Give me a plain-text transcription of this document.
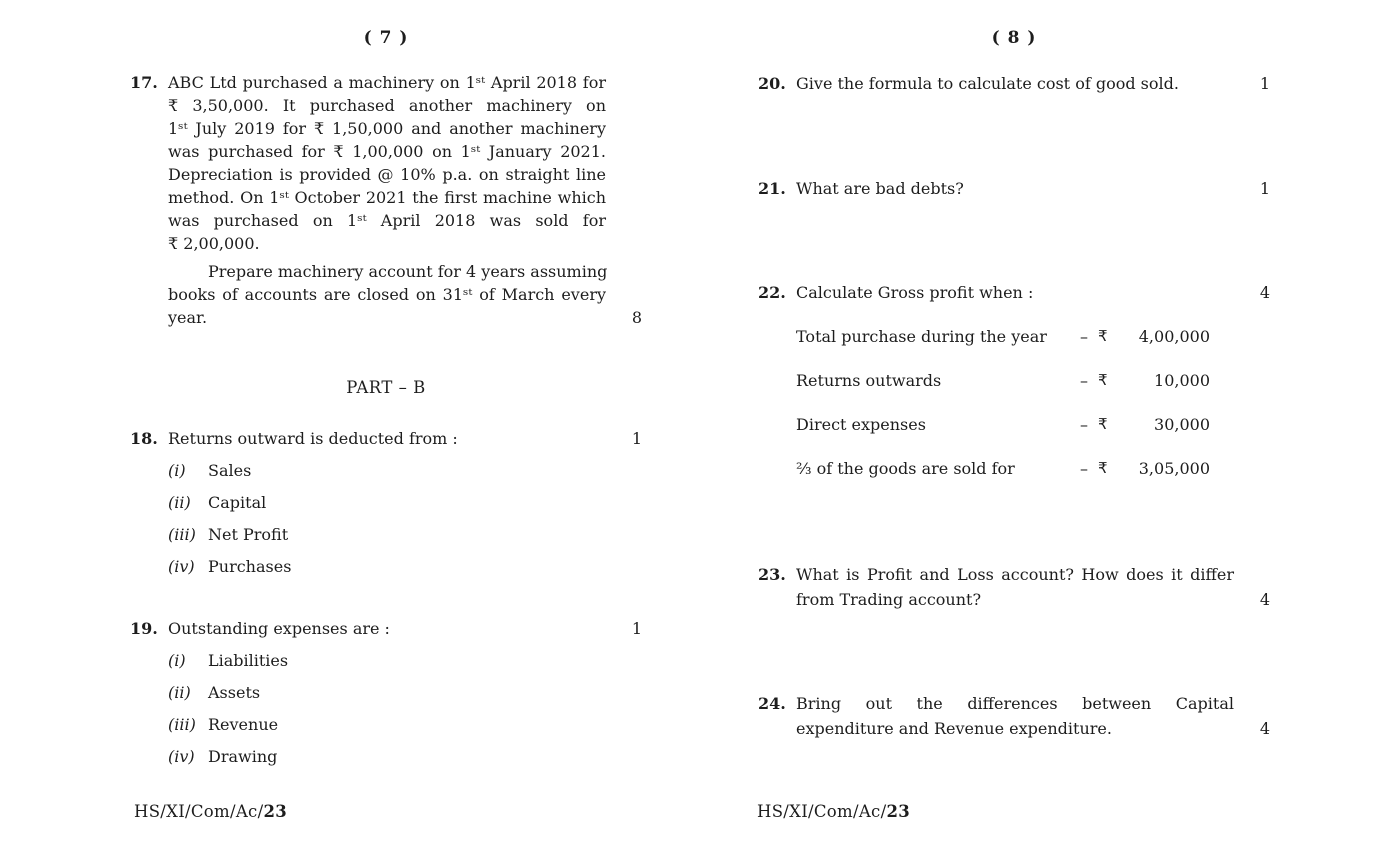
( 7 )
17. ABC Ltd purchased a machinery on 1ˢᵗ April 2018 for
₹ 3,50,000. It purchased another machinery on
1ˢᵗ July 2019 for ₹ 1,50,000 and another machinery
was purchased for ₹ 1,00,000 on 1ˢᵗ January 2021.
Depreciation is provided @ 10% p.a. on straight line
method. On 1ˢᵗ October 2021 the first machine which
was purchased on 1ˢᵗ April 2018 was sold for
₹ 2,00,000.
Prepare machinery account for 4 years assuming
books of accounts are closed on 31ˢᵗ of March every
year.	8
PART – B
18. Returns outward is deducted from :
(i)	Sales
(ii)	Capital
(iii) Net Profit
(iv) Purchases
1
19. Outstanding expenses are :
(i)	Liabilities
(ii)	Assets
(iii) Revenue
(iv) Drawing
1
HS/XI/Com/Ac/23
( 8 )
20. Give the formula to calculate cost of good sold.	1
21. What are bad debts?	1
22. Calculate Gross profit when :
Total purchase during the year	– ₹	4,00,000
Returns outwards	– ₹	10,000
Direct expenses	– ₹	30,000
⅔ of the goods are sold for	– ₹	3,05,000
4
23. What is Profit and Loss account? How does it differ
from Trading account?	4
24. Bring out the differences between Capital
expenditure and Revenue expenditure.	4
HS/XI/Com/Ac/23
